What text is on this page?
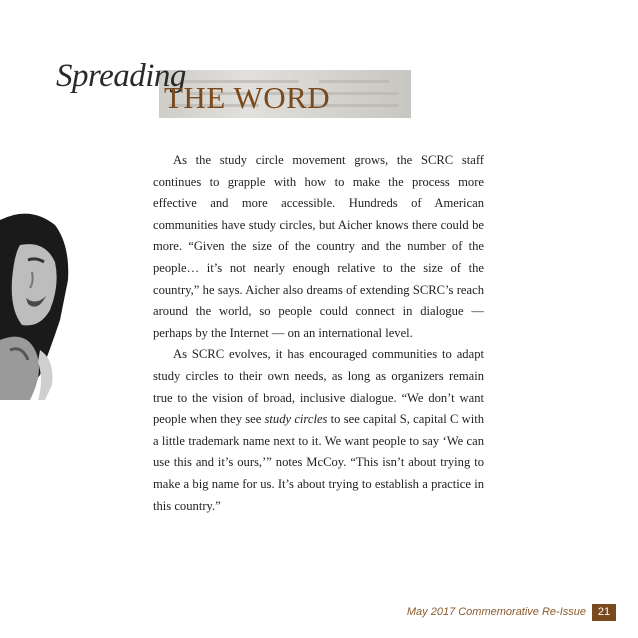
Spreading
THE WORD

As the study circle movement grows, the SCRC staff continues to grapple with how to make the process more effective and more accessible. Hundreds of American communities have study circles, but Aicher knows there could be more. “Given the size of the country and the number of the people… it’s not nearly enough relative to the size of the country,” he says. Aicher also dreams of extending SCRC’s reach around the world, so people could connect in dialogue — perhaps by the Internet — on an international level.

As SCRC evolves, it has encouraged communities to adapt study circles to their own needs, as long as organizers remain true to the vision of broad, inclusive dialogue. “We don’t want people when they see study circles to see capital S, capital C with a little trademark name next to it. We want people to say ‘We can use this and it’s ours,’” notes McCoy. “This isn’t about trying to make a big name for us. It’s about trying to establish a practice in this country.”

May 2017 Commemorative Re-Issue	21
